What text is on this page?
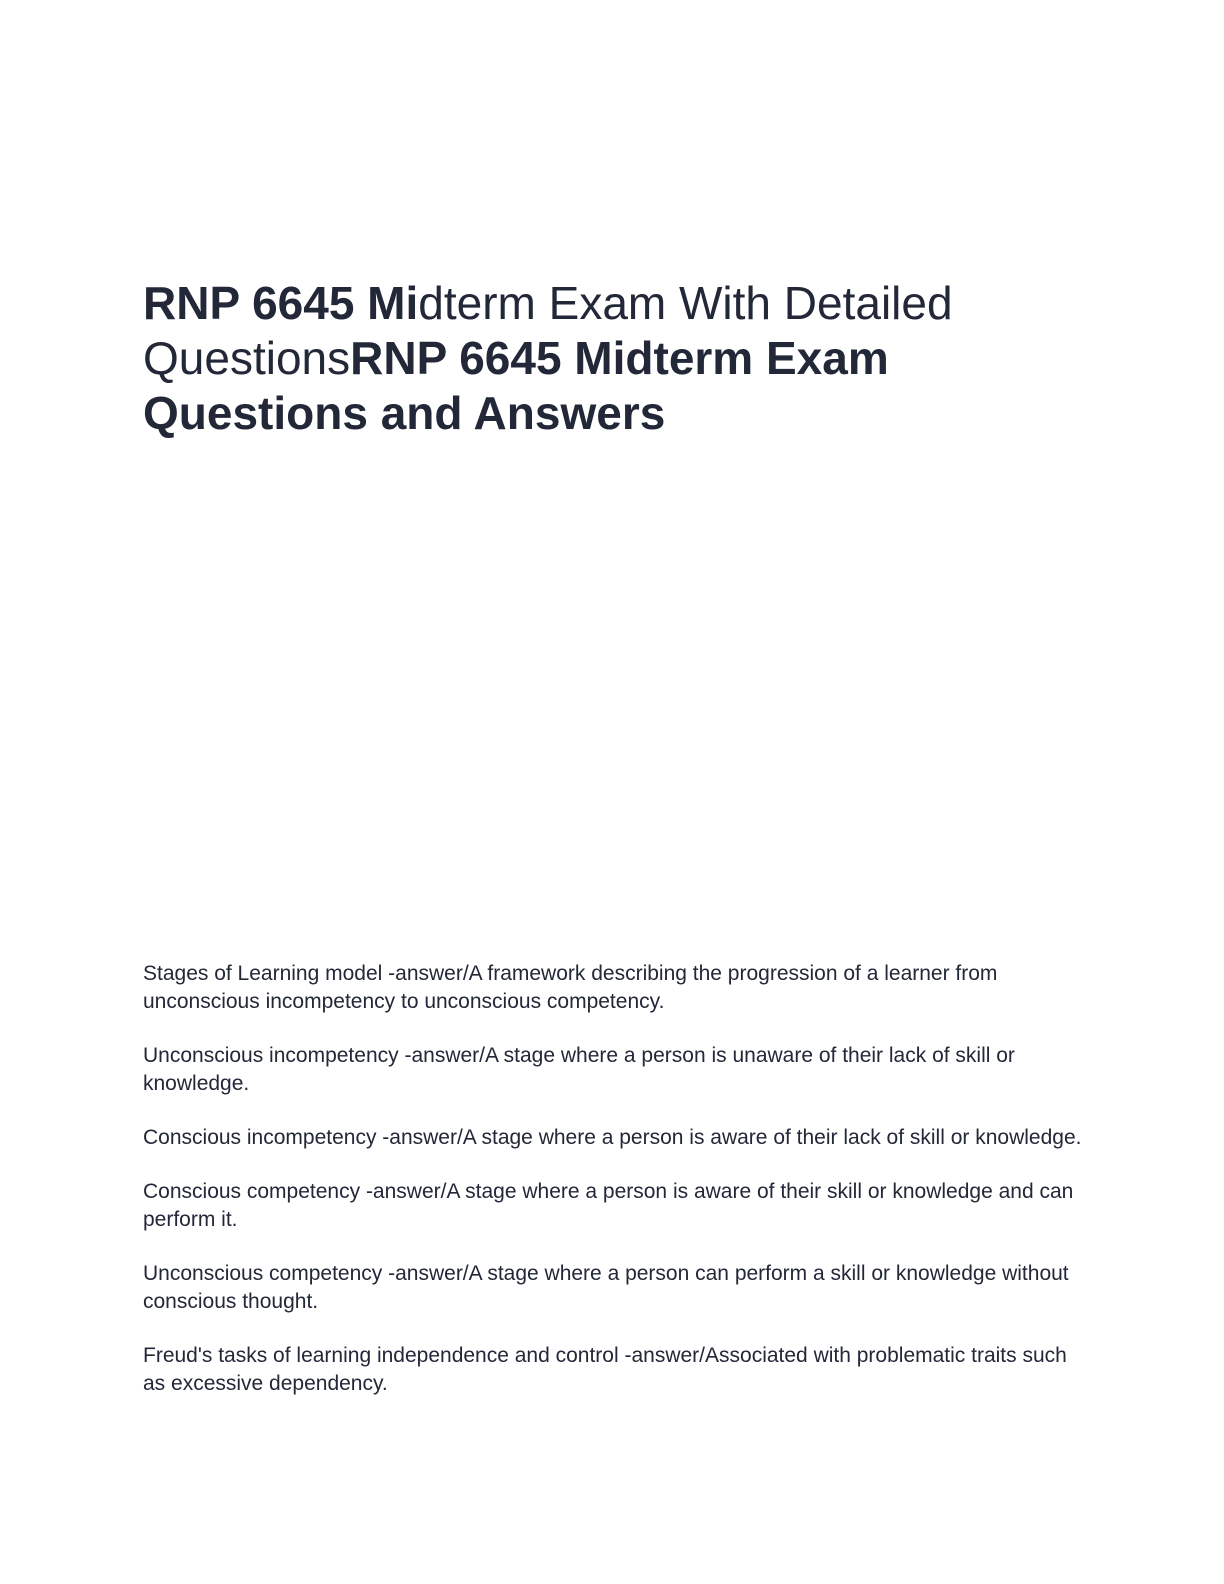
RNP 6645 Midterm Exam With Detailed QuestionsRNP 6645 Midterm Exam Questions and Answers

Stages of Learning model -answer/A framework describing the progression of a learner from unconscious incompetency to unconscious competency.

Unconscious incompetency -answer/A stage where a person is unaware of their lack of skill or knowledge.

Conscious incompetency -answer/A stage where a person is aware of their lack of skill or knowledge.

Conscious competency -answer/A stage where a person is aware of their skill or knowledge and can perform it.

Unconscious competency -answer/A stage where a person can perform a skill or knowledge without conscious thought.

Freud's tasks of learning independence and control -answer/Associated with problematic traits such as excessive dependency.
